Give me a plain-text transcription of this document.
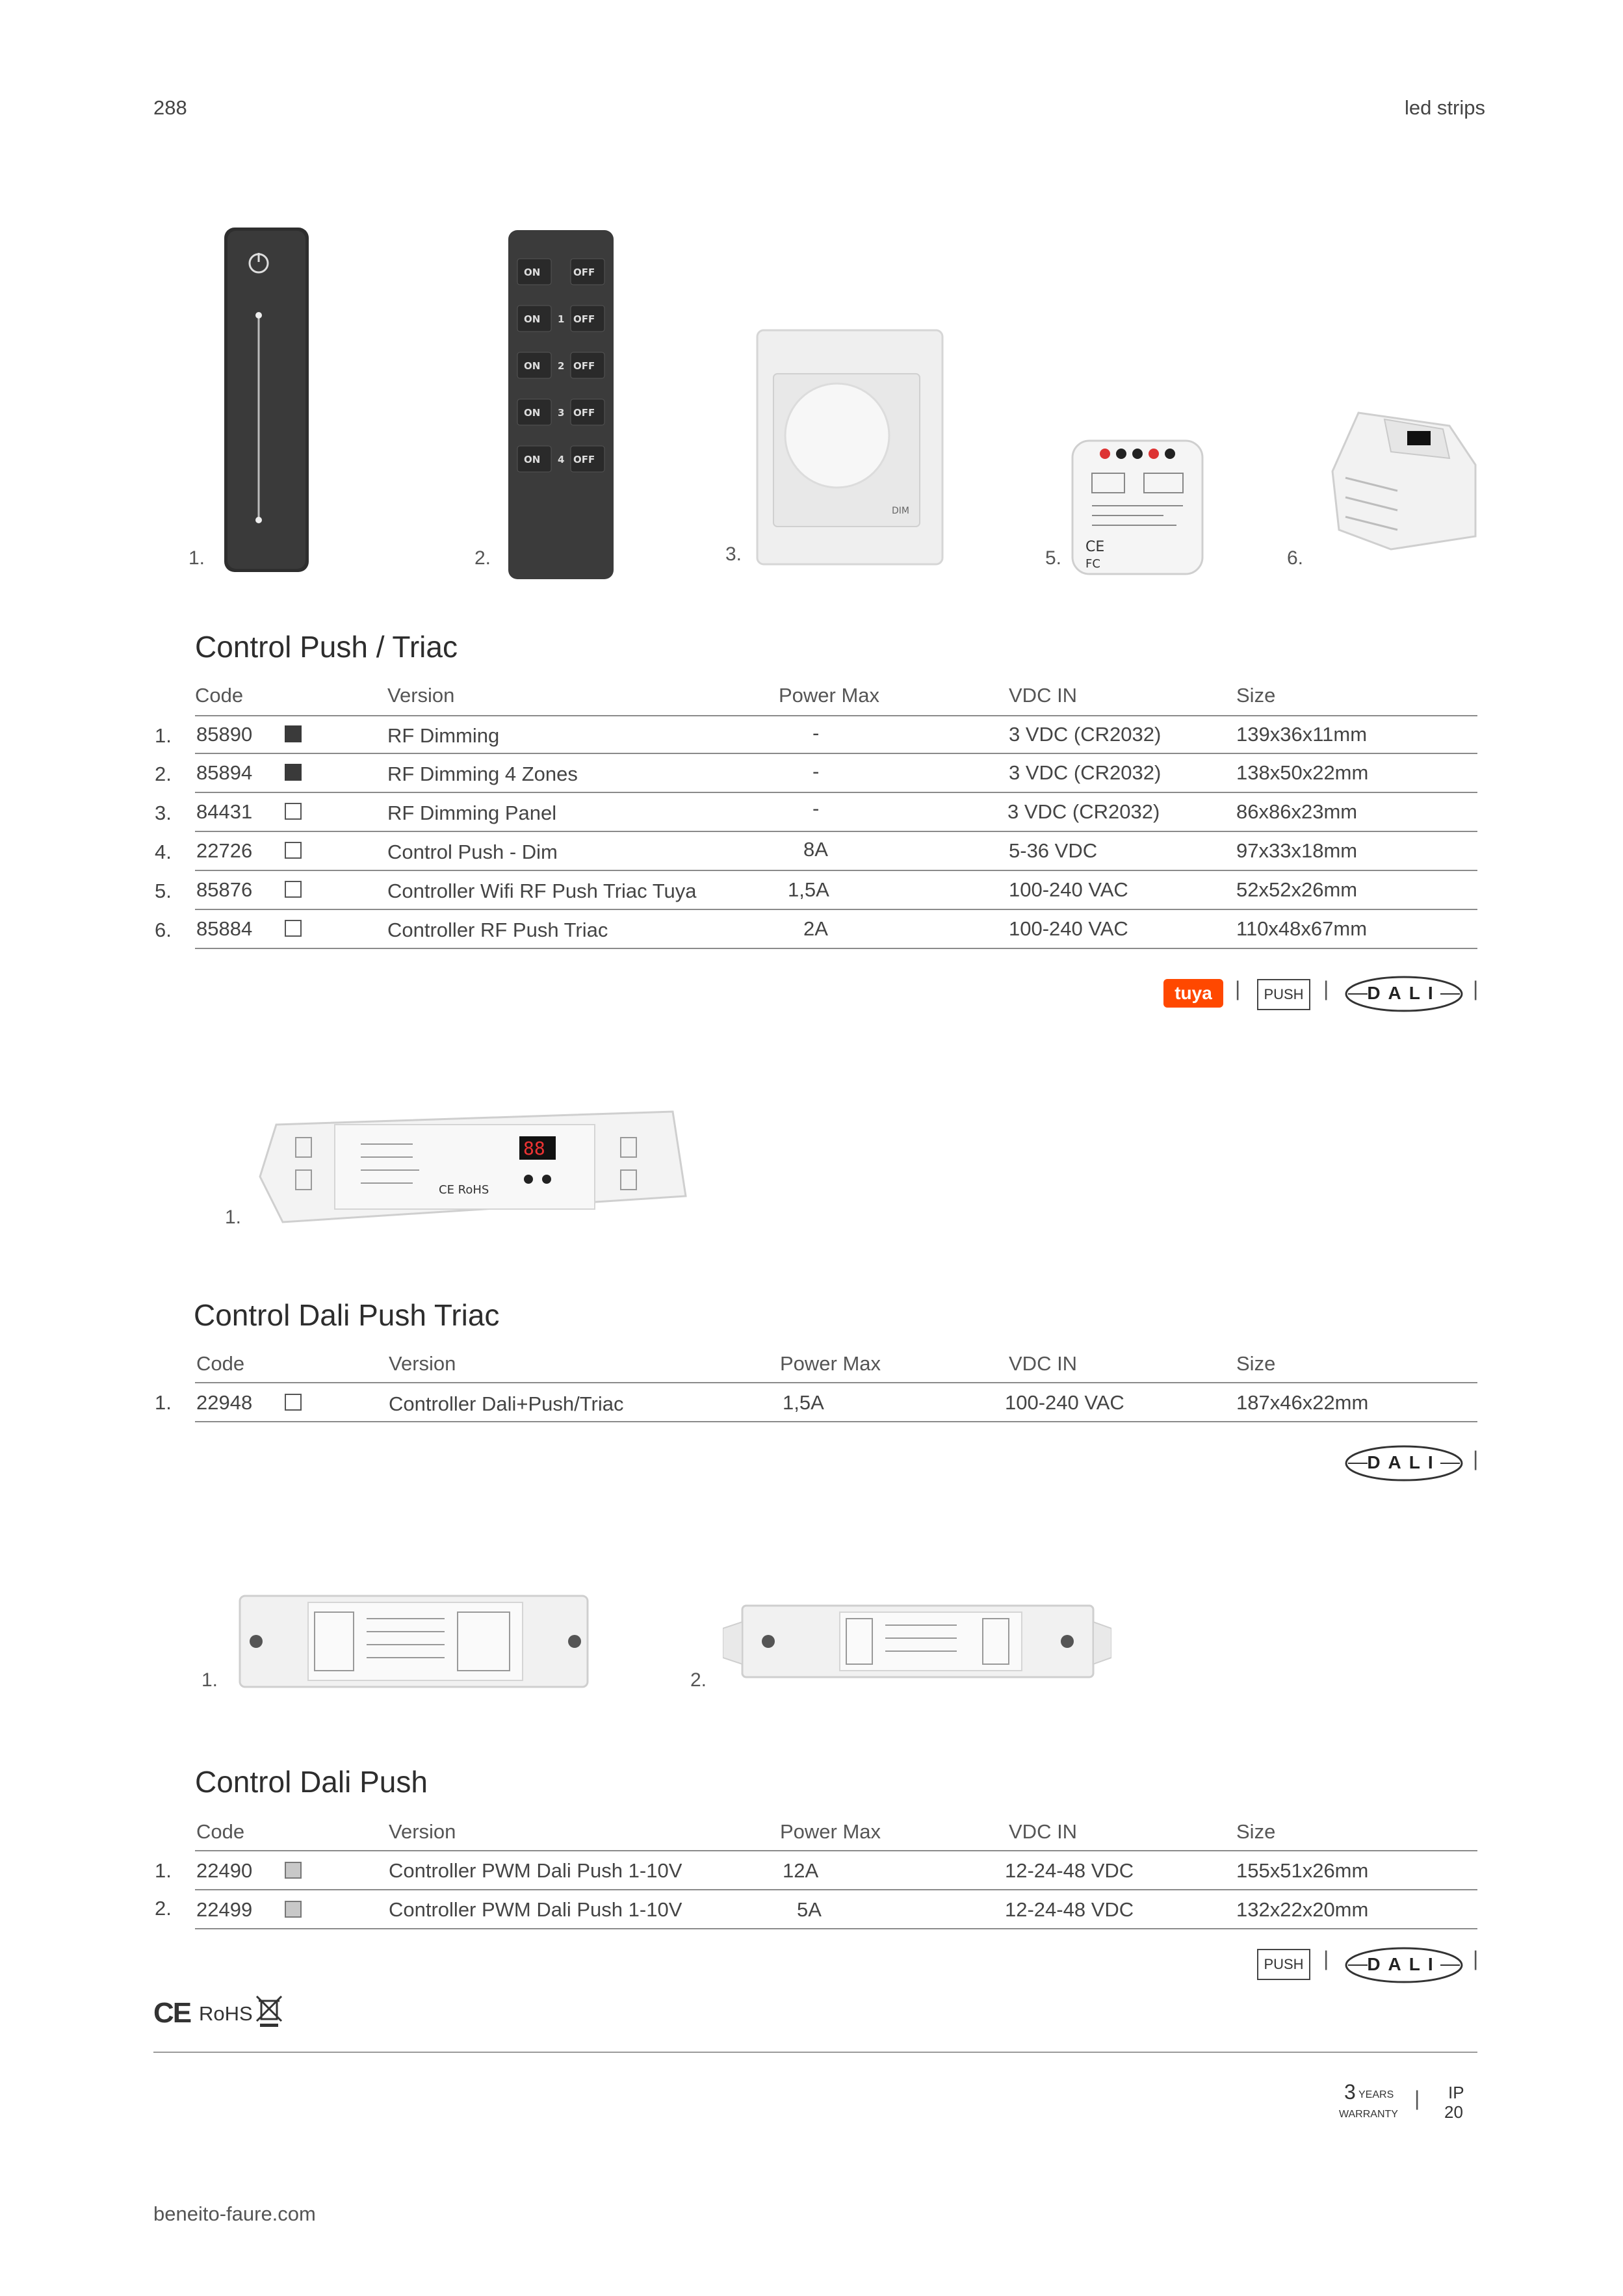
288	led strips
1.
ON	OFF
ON	OFF
ON	OFF
ON	OFF
ON	OFF
1
2
3
4
2.
DIM
3.	CE
FC
5.	6.
Control Push / Triac
Code	Version	Power Max	VDC IN	Size
1. 85890	RF Dimming	-	3 VDC (CR2032)	139x36x11mm
2. 85894	RF Dimming 4 Zones	-	3 VDC (CR2032)	138x50x22mm
3. 84431	RF Dimming Panel	-	3 VDC (CR2032)	86x86x23mm
4. 22726	Control Push - Dim	8A	5-36 VDC	97x33x18mm
5. 85876	Controller Wifi RF Push Triac Tuya	1,5A	100-240 VAC	52x52x26mm
6. 85884	Controller RF Push Triac	2A	100-240 VAC	110x48x67mm
tuya	|	PUSH |	DALI	|
88
CE RoHS
1.
Control Dali Push Triac
Code	Version	Power Max	VDC IN	Size
1. 22948	Controller Dali+Push/Triac	1,5A	100-240 VAC	187x46x22mm
DALI	|
1.	2.
Control Dali Push
Code	Version	Power Max	VDC IN	Size
1. 22490	Controller PWM Dali Push 1-10V	12A	12-24-48 VDC	155x51x26mm
2. 22499	Controller PWM Dali Push 1-10V	5A	12-24-48 VDC	132x22x20mm
PUSH |	DALI	|
CE RoHS
3 YEARS
WARRANTY
| IP
20
beneito-faure.com
